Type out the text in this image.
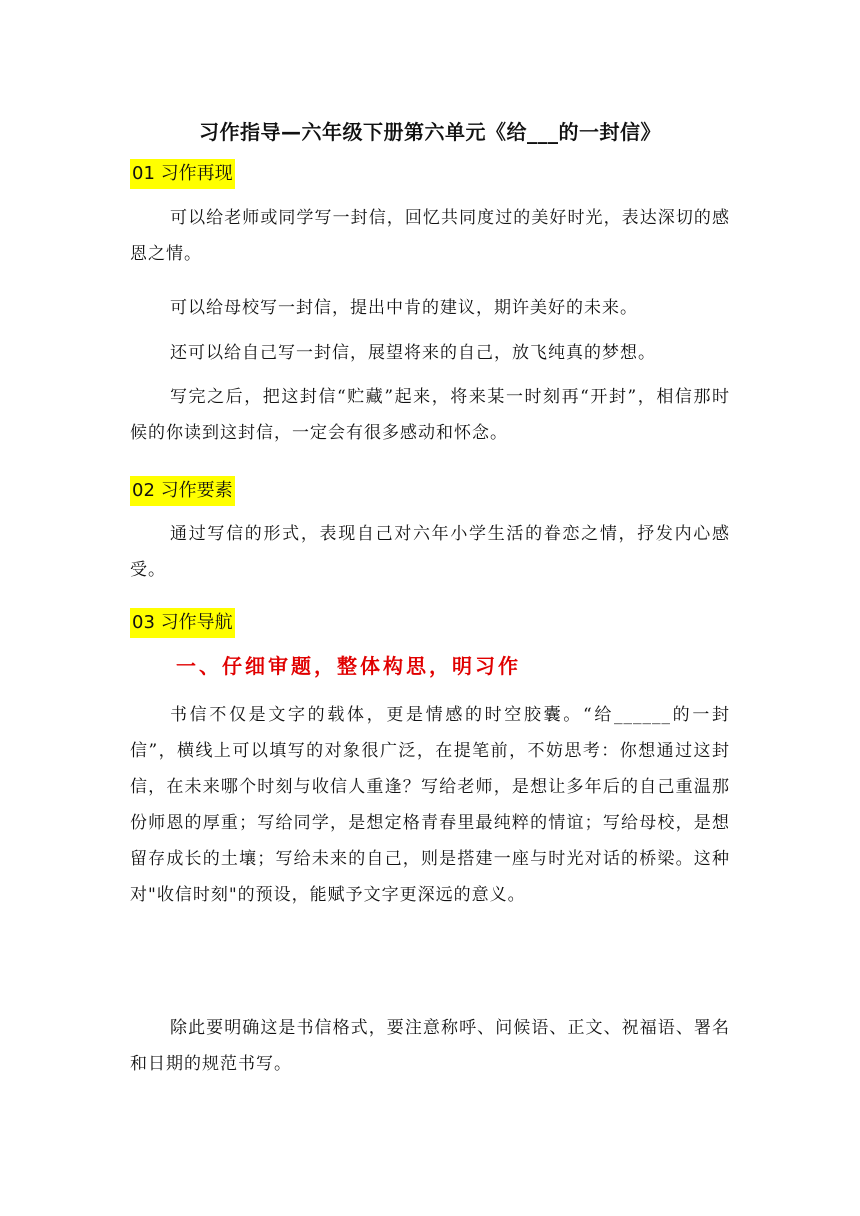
习作指导—六年级下册第六单元《给___的一封信》
01 习作再现
可以给老师或同学写一封信，回忆共同度过的美好时光，表达深切的感恩之情。
可以给母校写一封信，提出中肯的建议，期许美好的未来。
还可以给自己写一封信，展望将来的自己，放飞纯真的梦想。
写完之后，把这封信“贮藏”起来，将来某一时刻再“开封”，相信那时候的你读到这封信，一定会有很多感动和怀念。
02 习作要素
通过写信的形式，表现自己对六年小学生活的眷恋之情，抒发内心感受。
03 习作导航
一、仔细审题，整体构思，明习作
书信不仅是文字的载体，更是情感的时空胶囊。“给______的一封信”，横线上可以填写的对象很广泛，在提笔前，不妨思考：你想通过这封信，在未来哪个时刻与收信人重逢？写给老师，是想让多年后的自己重温那份师恩的厚重；写给同学，是想定格青春里最纯粹的情谊；写给母校，是想留存成长的土壤；写给未来的自己，则是搭建一座与时光对话的桥梁。这种对"收信时刻"的预设，能赋予文字更深远的意义。
除此要明确这是书信格式，要注意称呼、问候语、正文、祝福语、署名和日期的规范书写。
